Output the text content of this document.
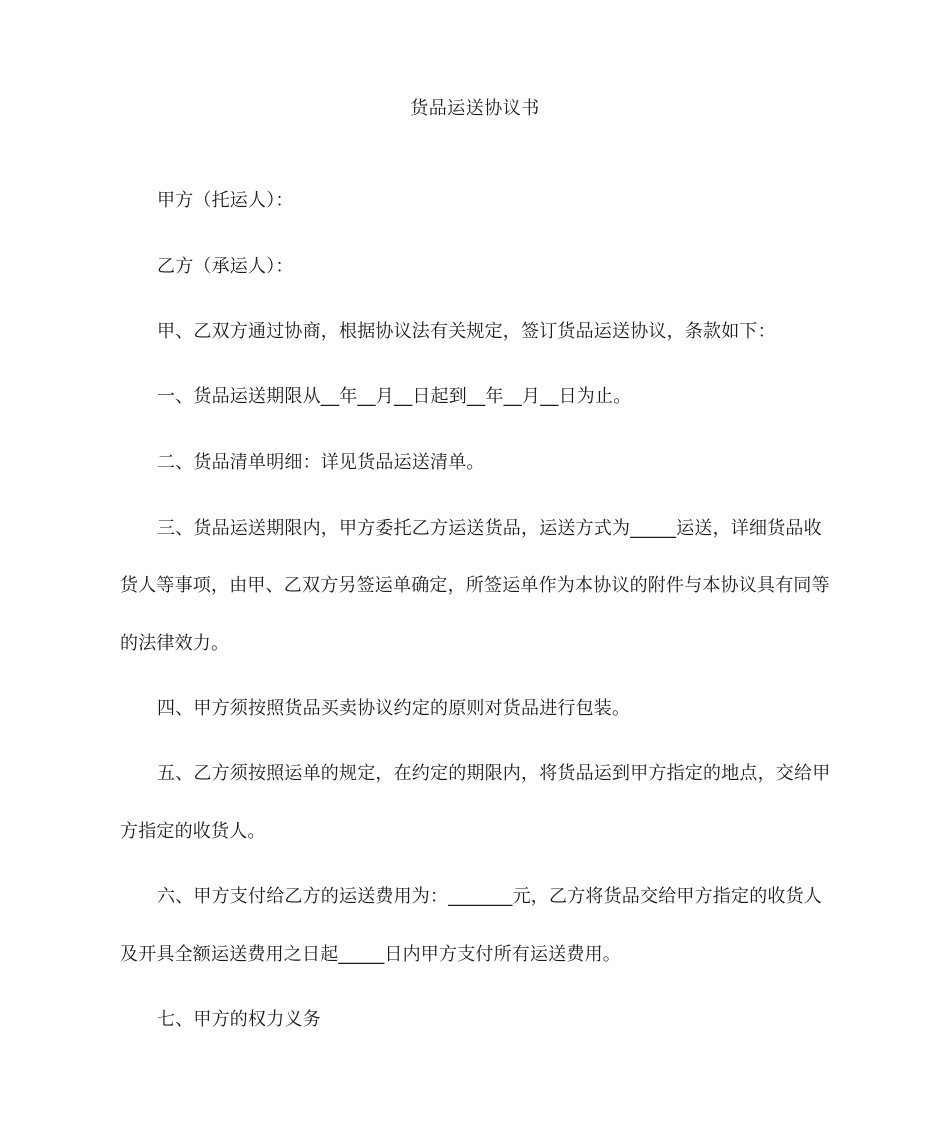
货品运送协议书
甲方（托运人）：
乙方（承运人）：
甲、乙双方通过协商，根据协议法有关规定，签订货品运送协议，条款如下：
一、货品运送期限从__年__月__日起到__年__月__日为止。
二、货品清单明细：详见货品运送清单。
三、货品运送期限内，甲方委托乙方运送货品，运送方式为_____运送，详细货品收
货人等事项，由甲、乙双方另签运单确定，所签运单作为本协议的附件与本协议具有同等
的法律效力。
四、甲方须按照货品买卖协议约定的原则对货品进行包装。
五、乙方须按照运单的规定，在约定的期限内，将货品运到甲方指定的地点，交给甲
方指定的收货人。
六、甲方支付给乙方的运送费用为：_______元，乙方将货品交给甲方指定的收货人
及开具全额运送费用之日起_____日内甲方支付所有运送费用。
七、甲方的权力义务
